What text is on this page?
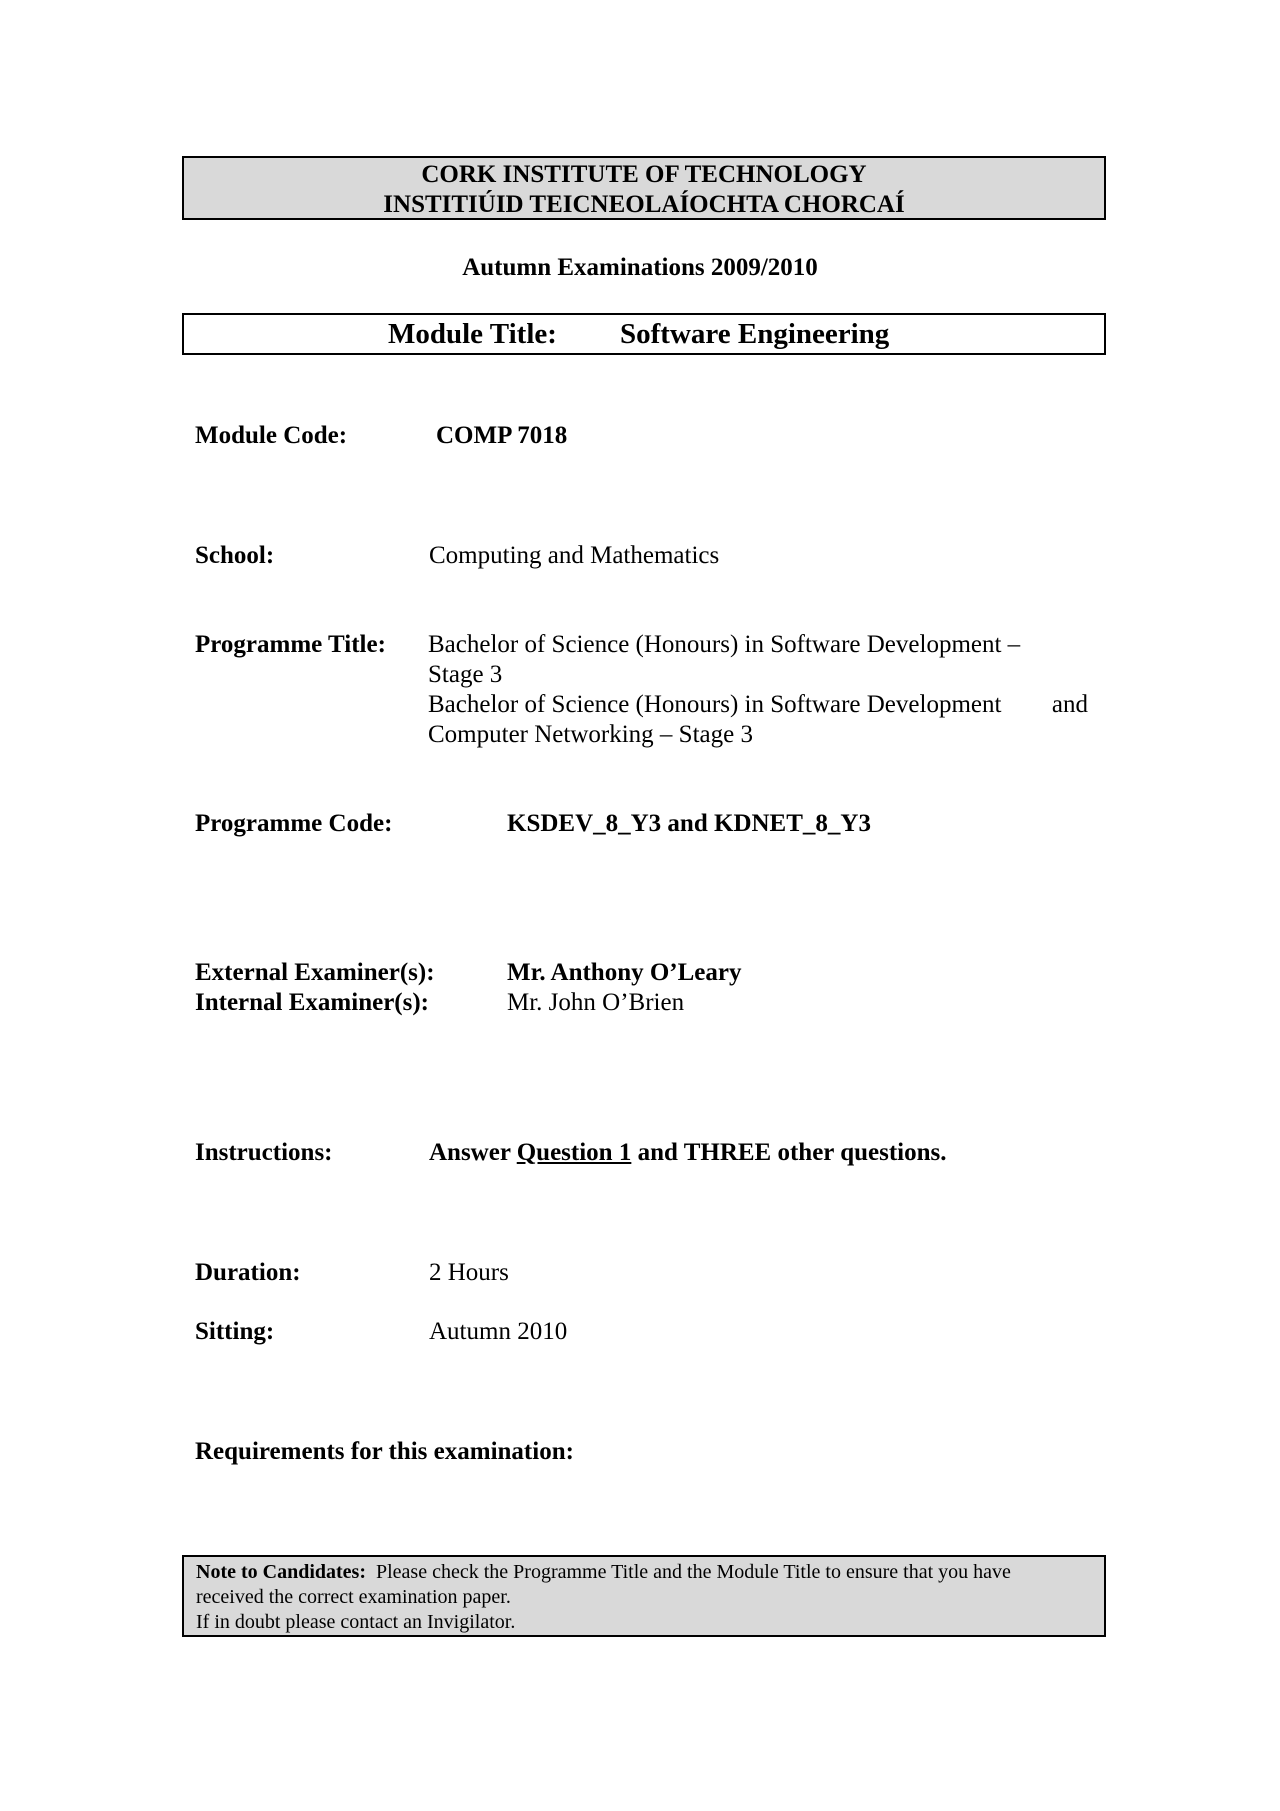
CORK INSTITUTE OF TECHNOLOGY
INSTITIÚID TEICNEOLAÍOCHTA CHORCAÍ
Autumn Examinations 2009/2010
Module Title: Software Engineering
Module Code:	COMP 7018
School:	Computing and Mathematics
Programme Title: Bachelor of Science (Honours) in Software Development –
Stage 3
Bachelor of Science (Honours) in Software Development and
Computer Networking – Stage 3
Programme Code:	KSDEV_8_Y3 and KDNET_8_Y3
External Examiner(s):	Mr. Anthony O’Leary
Internal Examiner(s):	Mr. John O’Brien
Instructions:	Answer Question 1 and THREE other questions.
Duration:	2 Hours
Sitting:	Autumn 2010
Requirements for this examination:
Note to Candidates: Please check the Programme Title and the Module Title to ensure that you have
received the correct examination paper.
If in doubt please contact an Invigilator.
